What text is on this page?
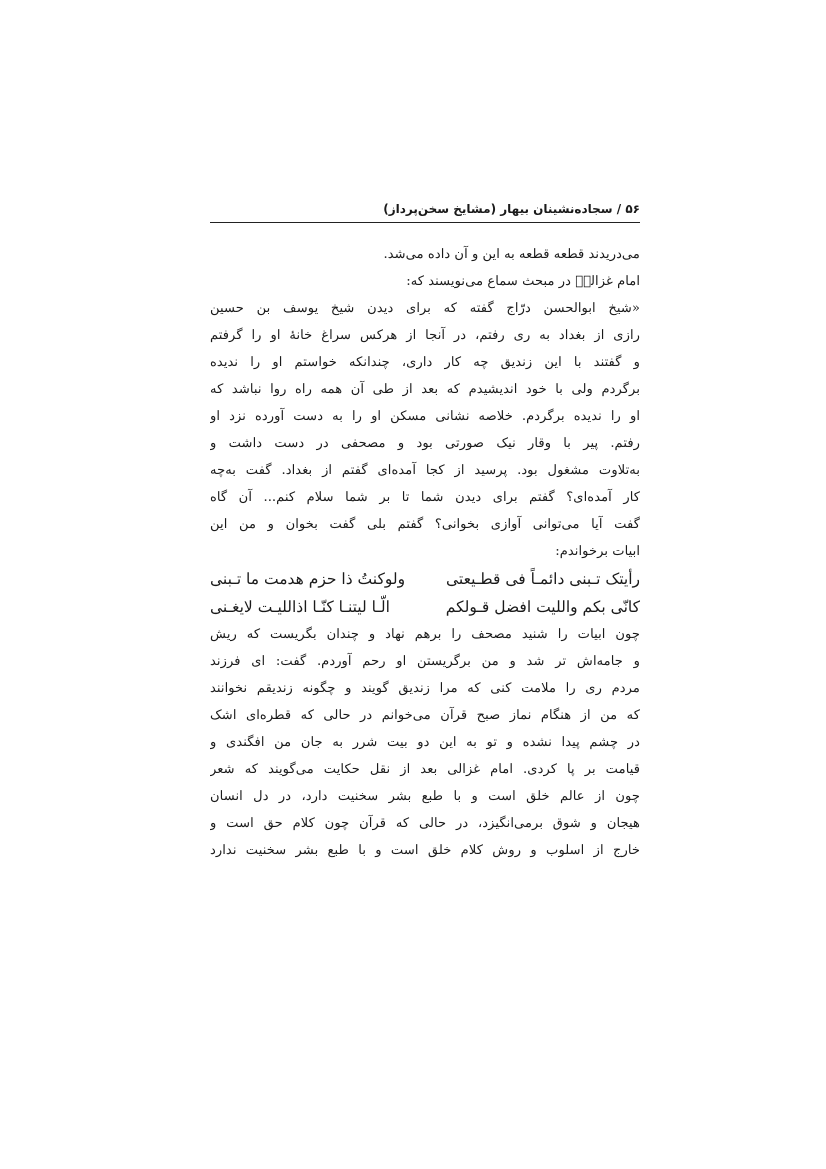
۵۶ / سجاده‌نشینان بیهار (مشایخ سخن‌پرداز)
می‌دریدند قطعه قطعه به این و آن داده می‌شد.
امام غزالیؒ در مبحث سماع می‌نویسند که:
«شیخ ابوالحسن درّاج گفته که برای دیدن شیخ یوسف بن حسین
رازی از بغداد به ری رفتم، در آنجا از هرکس سراغ خانهٔ او را گرفتم
و گفتند با این زندیق چه کار داری، چندانکه خواستم او را ندیده
برگردم ولی با خود اندیشیدم که بعد از طی آن همه راه روا نباشد که
او را ندیده برگردم. خلاصه نشانی مسکن او را به دست آورده نزد او
رفتم. پیر با وقار نیک صورتی بود و مصحفی در دست داشت و
به‌تلاوت مشغول بود. پرسید از کجا آمده‌ای گفتم از بغداد. گفت به‌چه
کار آمده‌ای؟ گفتم برای دیدن شما تا بر شما سلام کنم... آن گاه
گفت آیا می‌توانی آوازی بخوانی؟ گفتم بلی گفت بخوان و من این
ابیات برخواندم:
رأیتک تـبنی دائمـاً فی قطـیعتی
ولوکنتُ ذا حزم هدمت ما تـبنی
کانّی بکم واللیت افضل قـولکم
الّـا لیتنـا کنّـا اذاللیـت لایغـنی
چون ابیات را شنید مصحف را برهم نهاد و چندان بگریست که ریش
و جامه‌اش تر شد و من برگریستن او رحم آوردم. گفت: ای فرزند
مردم ری را ملامت کنی که مرا زندیق گویند و چگونه زندیقم نخوانند
که من از هنگام نماز صبح قرآن می‌خوانم در حالی که قطره‌ای اشک
در چشم پیدا نشده و تو به این دو بیت شرر به جان من افگندی و
قیامت بر پا کردی. امام غزالی بعد از نقل حکایت می‌گویند که شعر
چون از عالم خلق است و با طبع بشر سخنیت دارد، در دل انسان
هیجان و شوق برمی‌انگیزد، در حالی که قرآن چون کلام حق است و
خارج از اسلوب و روش کلام خلق است و با طبع بشر سخنیت ندارد
